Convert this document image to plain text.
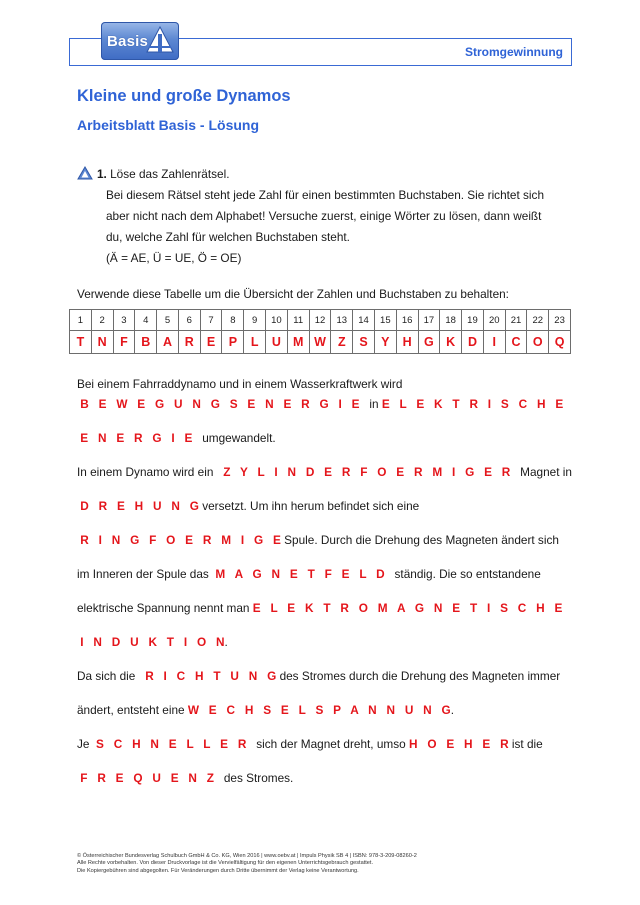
Basis
Stromgewinnung
Kleine und große Dynamos
Arbeitsblatt Basis - Lösung
1. Löse das Zahlenrätsel.
Bei diesem Rätsel steht jede Zahl für einen bestimmten Buchstaben. Sie richtet sich
aber nicht nach dem Alphabet! Versuche zuerst, einige Wörter zu lösen, dann weißt
du, welche Zahl für welchen Buchstaben steht.
(Ä = AE, Ü = UE, Ö = OE)
Verwende diese Tabelle um die Übersicht der Zahlen und Buchstaben zu behalten:
1	2	3	4	5	6	7	8	9	10	11	12	13	14	15	16	17	18	19	20	21	22	23
T	N	F	B	A	R	E	P	L	U	M	W	Z	S	Y	H	G	K	D	I	C	O	Q
Bei einem Fahrraddynamo und in einem Wasserkraftwerk wird
B   E   W   E   G   U   N   G   S   E   N   E   R   G   I   E   in E   L   E   K   T   R   I   S   C   H   E
E   N   E   R   G   I   E   umgewandelt.
In einem Dynamo wird ein   Z   Y   L   I   N   D   E   R   F   O   E   R   M   I   G   E   R   Magnet in
D   R   E   H   U   N   G versetzt. Um ihn herum befindet sich eine
R   I   N   G   F   O   E   R   M   I   G   E Spule. Durch die Drehung des Magneten ändert sich
im Inneren der Spule das  M   A   G   N   E   T   F   E   L   D   ständig. Die so entstandene
elektrische Spannung nennt man E   L   E   K   T   R   O   M   A   G   N   E   T   I   S   C   H   E
I   N   D   U   K   T   I   O   N.
Da sich die   R   I   C   H   T   U   N   G des Stromes durch die Drehung des Magneten immer
ändert, entsteht eine W   E   C   H   S   E   L   S   P   A   N   N   U   N   G.
Je  S   C   H   N   E   L   L   E   R   sich der Magnet dreht, umso H   O   E   H   E   R ist die
F   R   E   Q   U   E   N   Z   des Stromes.
© Österreichischer Bundesverlag Schulbuch GmbH & Co. KG, Wien 2016 | www.oebv.at | Impuls Physik SB 4 | ISBN: 978-3-209-08260-2
Alle Rechte vorbehalten. Von dieser Druckvorlage ist die Vervielfältigung für den eigenen Unterrichtsgebrauch gestattet.
Die Kopiergebühren sind abgegolten. Für Veränderungen durch Dritte übernimmt der Verlag keine Verantwortung.
